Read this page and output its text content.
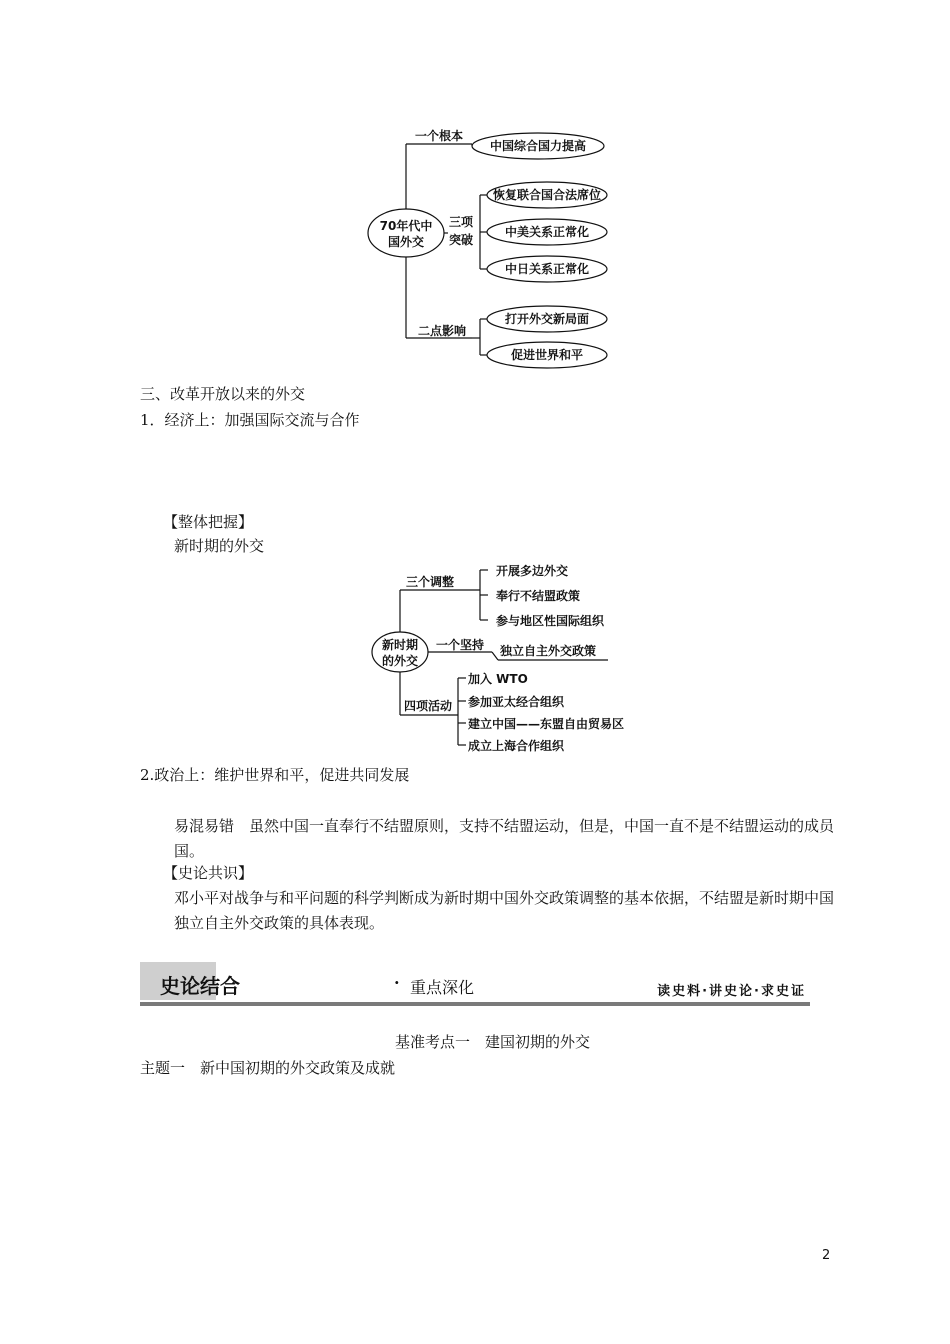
70年代中
国外交
一个根本
中国综合国力提高
三项
突破
恢复联合国合法席位
中美关系正常化
中日关系正常化
二点影响
打开外交新局面
促进世界和平
三、改革开放以来的外交
1．经济上：加强国际交流与合作
【整体把握】
新时期的外交
新时期
的外交
三个调整
开展多边外交
奉行不结盟政策
参与地区性国际组织
一个坚持 独立自主外交政策
四项活动
加入 WTO
参加亚太经合组织
建立中国——东盟自由贸易区
成立上海合作组织
2.政治上：维护世界和平，促进共同发展
易混易错　虽然中国一直奉行不结盟原则，支持不结盟运动，但是，中国一直不是不结盟运动的成员国。
【史论共识】
邓小平对战争与和平问题的科学判断成为新时期中国外交政策调整的基本依据，不结盟是新时期中国独立自主外交政策的具体表现。
史论结合	· 重点深化	读史料·讲史论·求史证
基准考点一　建国初期的外交
主题一　新中国初期的外交政策及成就
2
